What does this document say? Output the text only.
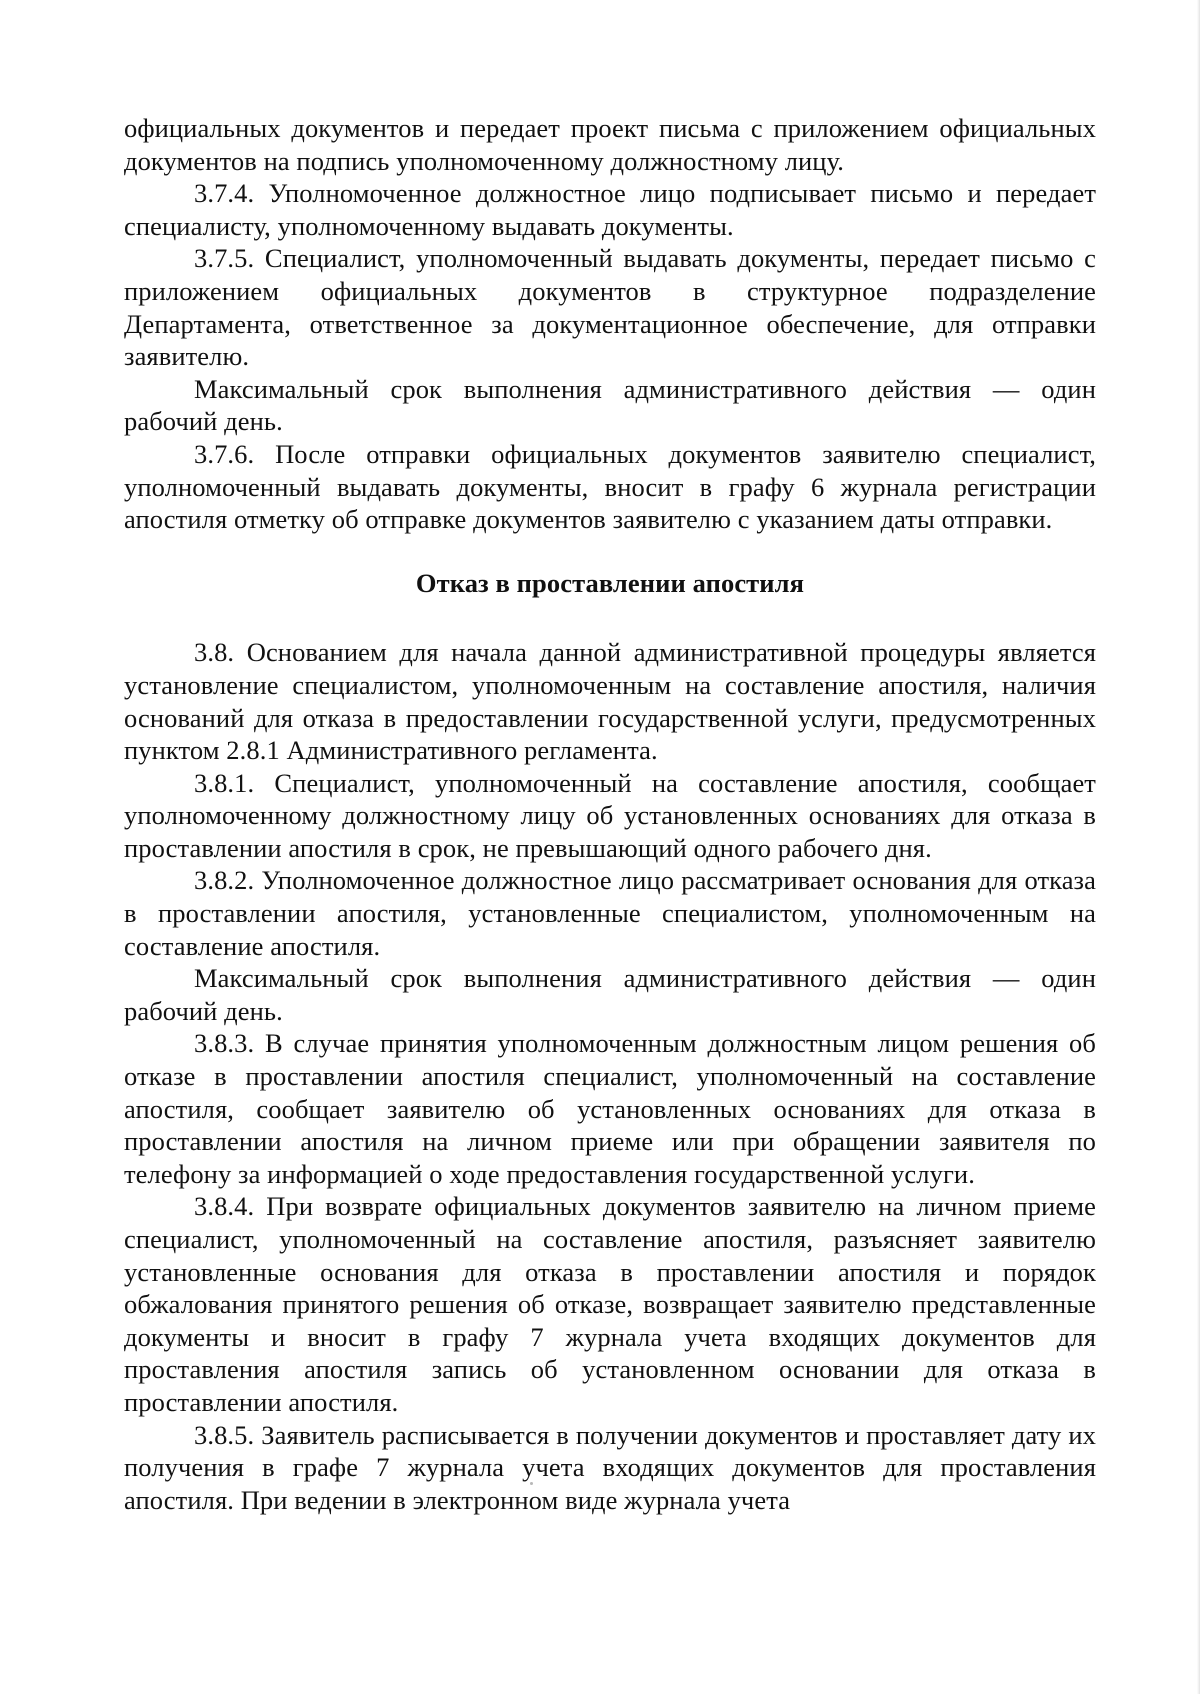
официальных документов и передает проект письма с приложением официальных документов на подпись уполномоченному должностному лицу.

3.7.4. Уполномоченное должностное лицо подписывает письмо и передает специалисту, уполномоченному выдавать документы.

3.7.5. Специалист, уполномоченный выдавать документы, передает письмо с приложением официальных документов в структурное подразделение Департамента, ответственное за документационное обеспечение, для отправки заявителю.

Максимальный срок выполнения административного действия — один рабочий день.

3.7.6. После отправки официальных документов заявителю специалист, уполномоченный выдавать документы, вносит в графу 6 журнала регистрации апостиля отметку об отправке документов заявителю с указанием даты отправки.

Отказ в проставлении апостиля

3.8. Основанием для начала данной административной процедуры является установление специалистом, уполномоченным на составление апостиля, наличия оснований для отказа в предоставлении государственной услуги, предусмотренных пунктом 2.8.1 Административного регламента.

3.8.1. Специалист, уполномоченный на составление апостиля, сообщает уполномоченному должностному лицу об установленных основаниях для отказа в проставлении апостиля в срок, не превышающий одного рабочего дня.

3.8.2. Уполномоченное должностное лицо рассматривает основания для отказа в проставлении апостиля, установленные специалистом, уполномоченным на составление апостиля.

Максимальный срок выполнения административного действия — один рабочий день.

3.8.3. В случае принятия уполномоченным должностным лицом решения об отказе в проставлении апостиля специалист, уполномоченный на составление апостиля, сообщает заявителю об установленных основаниях для отказа в проставлении апостиля на личном приеме или при обращении заявителя по телефону за информацией о ходе предоставления государственной услуги.

3.8.4. При возврате официальных документов заявителю на личном приеме специалист, уполномоченный на составление апостиля, разъясняет заявителю установленные основания для отказа в проставлении апостиля и порядок обжалования принятого решения об отказе, возвращает заявителю представленные документы и вносит в графу 7 журнала учета входящих документов для проставления апостиля запись об установленном основании для отказа в проставлении апостиля.

3.8.5. Заявитель расписывается в получении документов и проставляет дату их получения в графе 7 журнала учета входящих документов для проставления апостиля. При ведении в электронном виде журнала учета
